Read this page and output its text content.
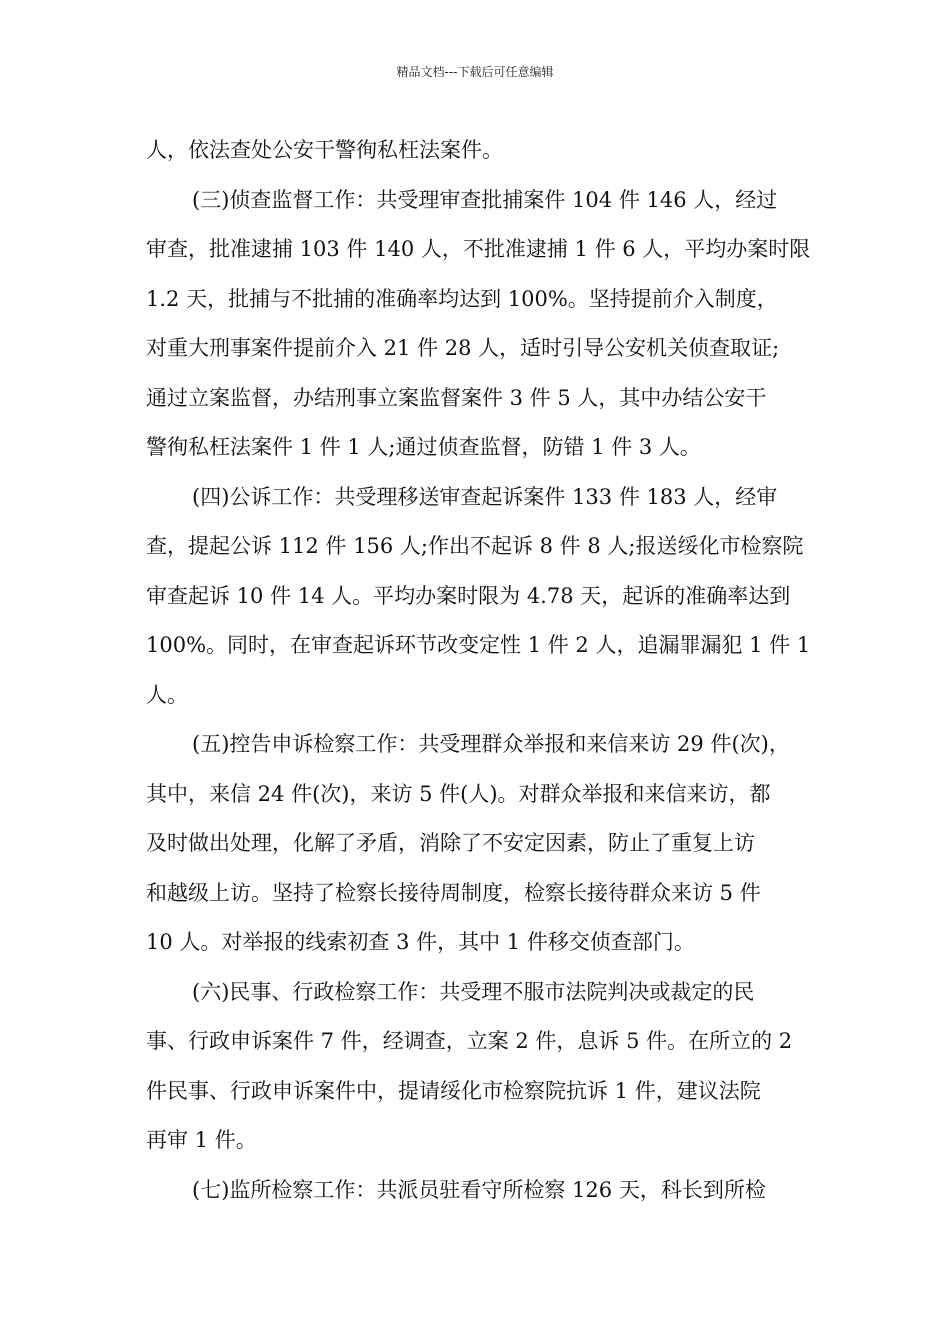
精品文档---下载后可任意编辑
人，依法查处公安干警徇私枉法案件。
(三)侦查监督工作：共受理审查批捕案件 104 件 146 人，经过
审查，批准逮捕 103 件 140 人，不批准逮捕 1 件 6 人，平均办案时限
1.2 天，批捕与不批捕的准确率均达到 100%。坚持提前介入制度，
对重大刑事案件提前介入 21 件 28 人，适时引导公安机关侦查取证;
通过立案监督，办结刑事立案监督案件 3 件 5 人，其中办结公安干
警徇私枉法案件 1 件 1 人;通过侦查监督，防错 1 件 3 人。
(四)公诉工作：共受理移送审查起诉案件 133 件 183 人，经审
查，提起公诉 112 件 156 人;作出不起诉 8 件 8 人;报送绥化市检察院
审查起诉 10 件 14 人。平均办案时限为 4.78 天，起诉的准确率达到
100%。同时，在审查起诉环节改变定性 1 件 2 人，追漏罪漏犯 1 件 1
人。
(五)控告申诉检察工作：共受理群众举报和来信来访 29 件(次)，
其中，来信 24 件(次)，来访 5 件(人)。对群众举报和来信来访，都
及时做出处理，化解了矛盾，消除了不安定因素，防止了重复上访
和越级上访。坚持了检察长接待周制度，检察长接待群众来访 5 件
10 人。对举报的线索初查 3 件，其中 1 件移交侦查部门。
(六)民事、行政检察工作：共受理不服市法院判决或裁定的民
事、行政申诉案件 7 件，经调查，立案 2 件，息诉 5 件。在所立的 2
件民事、行政申诉案件中，提请绥化市检察院抗诉 1 件，建议法院
再审 1 件。
(七)监所检察工作：共派员驻看守所检察 126 天，科长到所检
